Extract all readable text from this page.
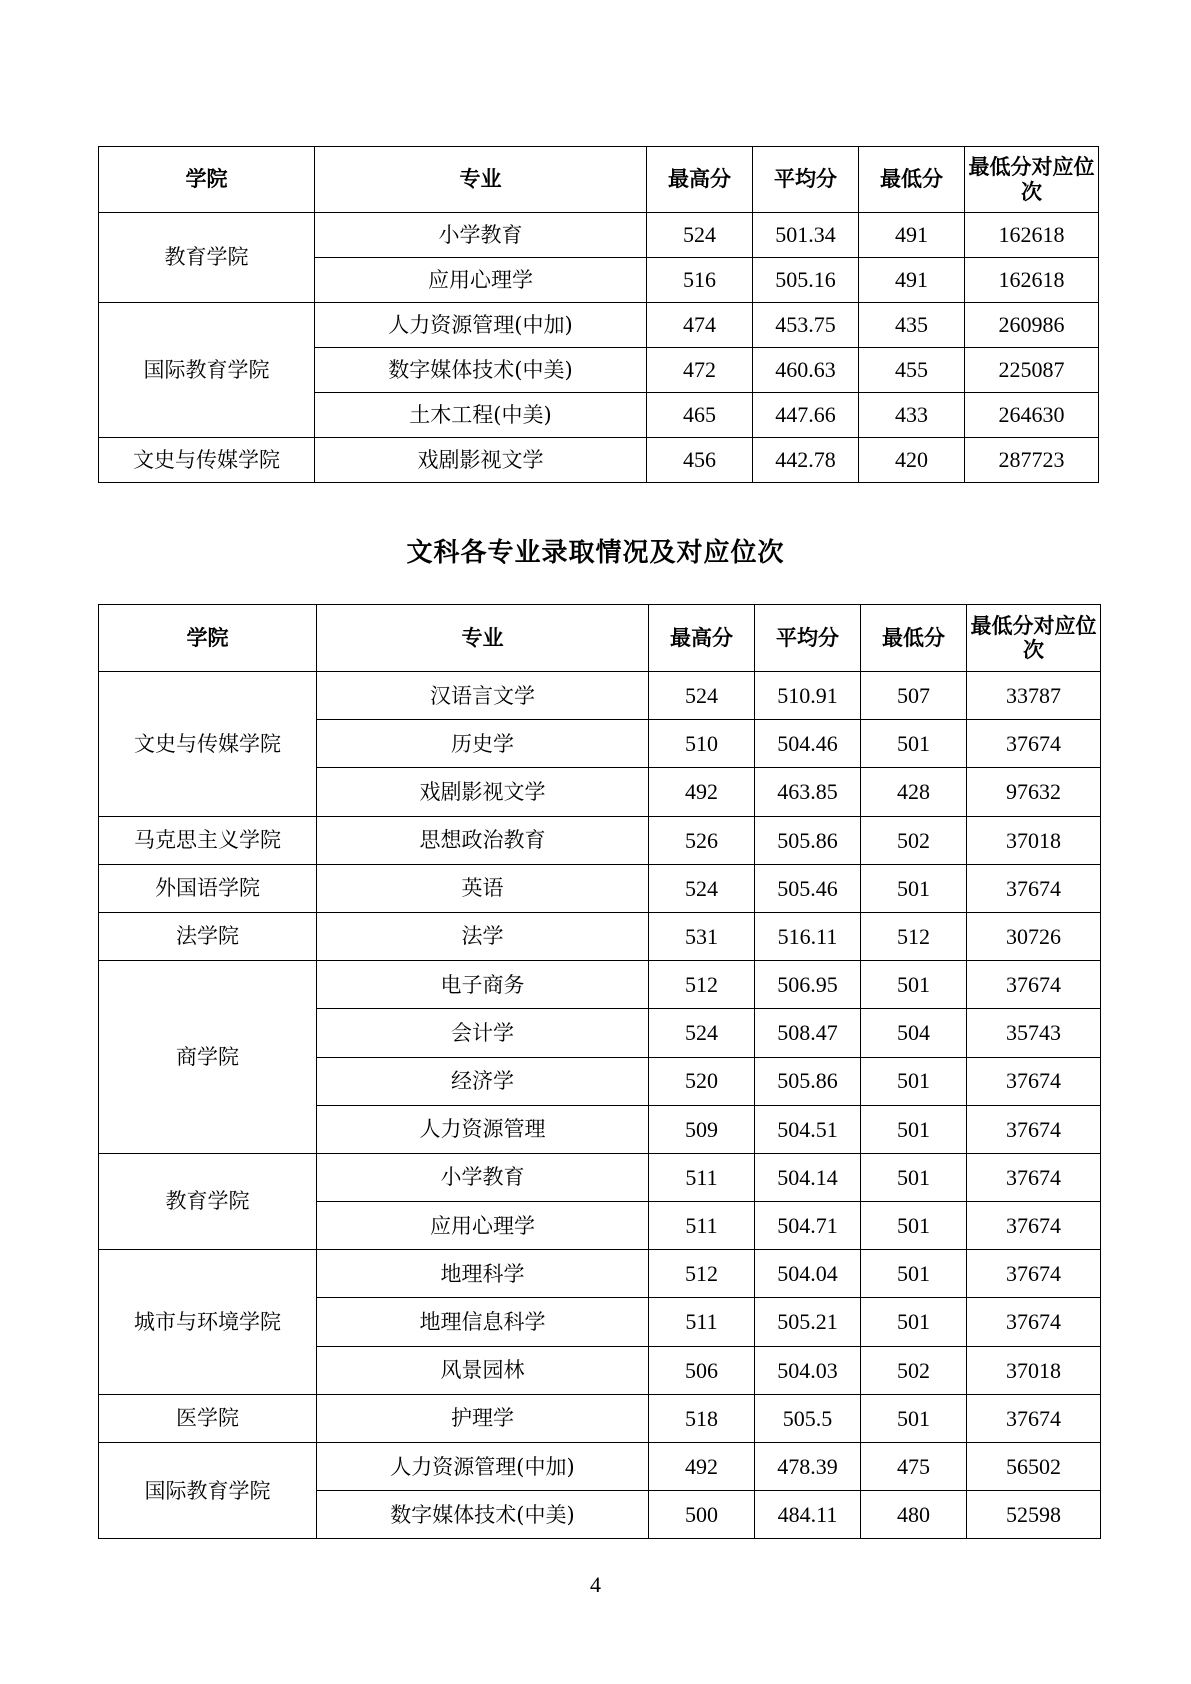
学院	专业	最高分	平均分	最低分	最低分对应位次
教育学院	小学教育	524	501.34	491	162618
	应用心理学	516	505.16	491	162618
国际教育学院	人力资源管理(中加)	474	453.75	435	260986
	数字媒体技术(中美)	472	460.63	455	225087
	土木工程(中美)	465	447.66	433	264630
文史与传媒学院	戏剧影视文学	456	442.78	420	287723
文科各专业录取情况及对应位次
学院	专业	最高分	平均分	最低分	最低分对应位次
文史与传媒学院	汉语言文学	524	510.91	507	33787
	历史学	510	504.46	501	37674
	戏剧影视文学	492	463.85	428	97632
马克思主义学院	思想政治教育	526	505.86	502	37018
外国语学院	英语	524	505.46	501	37674
法学院	法学	531	516.11	512	30726
商学院	电子商务	512	506.95	501	37674
	会计学	524	508.47	504	35743
	经济学	520	505.86	501	37674
	人力资源管理	509	504.51	501	37674
教育学院	小学教育	511	504.14	501	37674
	应用心理学	511	504.71	501	37674
城市与环境学院	地理科学	512	504.04	501	37674
	地理信息科学	511	505.21	501	37674
	风景园林	506	504.03	502	37018
医学院	护理学	518	505.5	501	37674
国际教育学院	人力资源管理(中加)	492	478.39	475	56502
	数字媒体技术(中美)	500	484.11	480	52598
4
